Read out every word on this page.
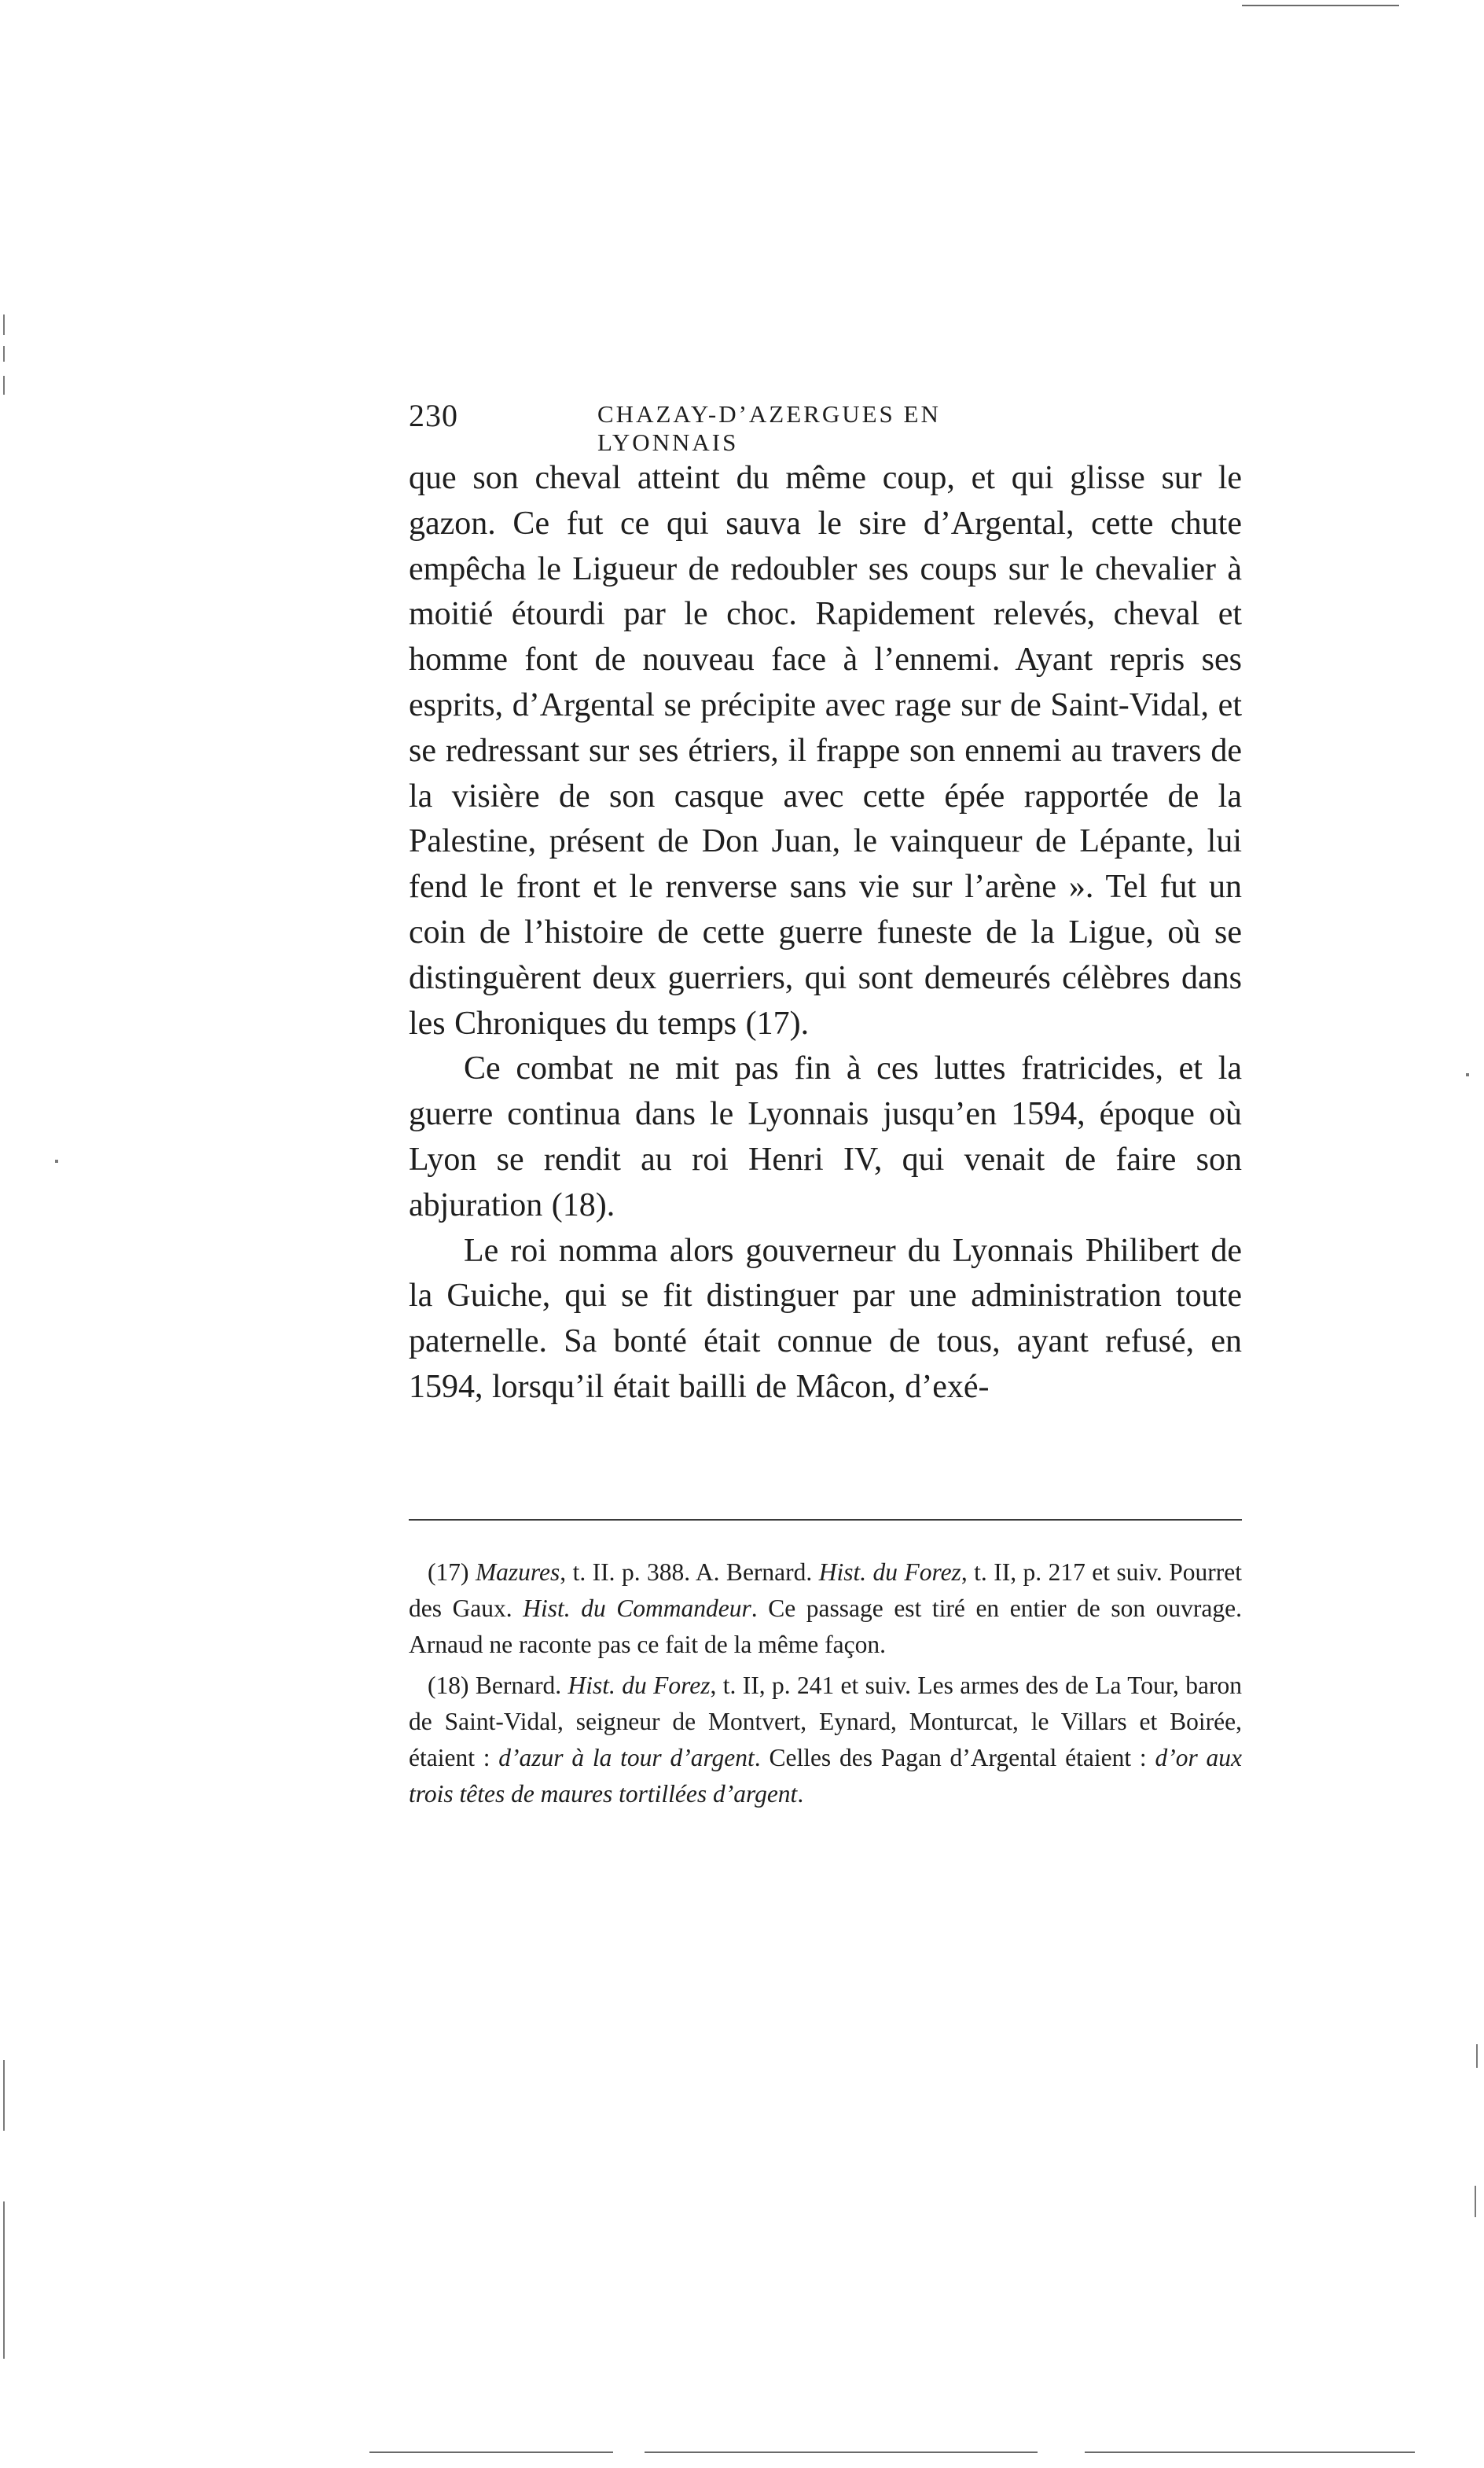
230	CHAZAY-D’AZERGUES EN LYONNAIS

que son cheval atteint du même coup, et qui glisse sur le gazon. Ce fut ce qui sauva le sire d’Argental, cette chute empêcha le Ligueur de redoubler ses coups sur le chevalier à moitié étourdi par le choc. Rapidement relevés, cheval et homme font de nouveau face à l’ennemi. Ayant repris ses esprits, d’Argental se précipite avec rage sur de Saint-Vidal, et se redressant sur ses étriers, il frappe son ennemi au travers de la visière de son casque avec cette épée rapportée de la Palestine, présent de Don Juan, le vainqueur de Lépante, lui fend le front et le renverse sans vie sur l’arène ». Tel fut un coin de l’histoire de cette guerre funeste de la Ligue, où se distinguèrent deux guerriers, qui sont demeurés célèbres dans les Chroniques du temps (17).

Ce combat ne mit pas fin à ces luttes fratricides, et la guerre continua dans le Lyonnais jusqu’en 1594, époque où Lyon se rendit au roi Henri IV, qui venait de faire son abjuration (18).

Le roi nomma alors gouverneur du Lyonnais Philibert de la Guiche, qui se fit distinguer par une administration toute paternelle. Sa bonté était connue de tous, ayant refusé, en 1594, lorsqu’il était bailli de Mâcon, d’exé-

(17) Mazures, t. II. p. 388. A. Bernard. Hist. du Forez, t. II, p. 217 et suiv. Pourret des Gaux. Hist. du Commandeur. Ce passage est tiré en entier de son ouvrage. Arnaud ne raconte pas ce fait de la même façon.

(18) Bernard. Hist. du Forez, t. II, p. 241 et suiv. Les armes des de La Tour, baron de Saint-Vidal, seigneur de Montvert, Eynard, Monturcat, le Villars et Boirée, étaient : d’azur à la tour d’argent. Celles des Pagan d’Argental étaient : d’or aux trois têtes de maures tortillées d’argent.
